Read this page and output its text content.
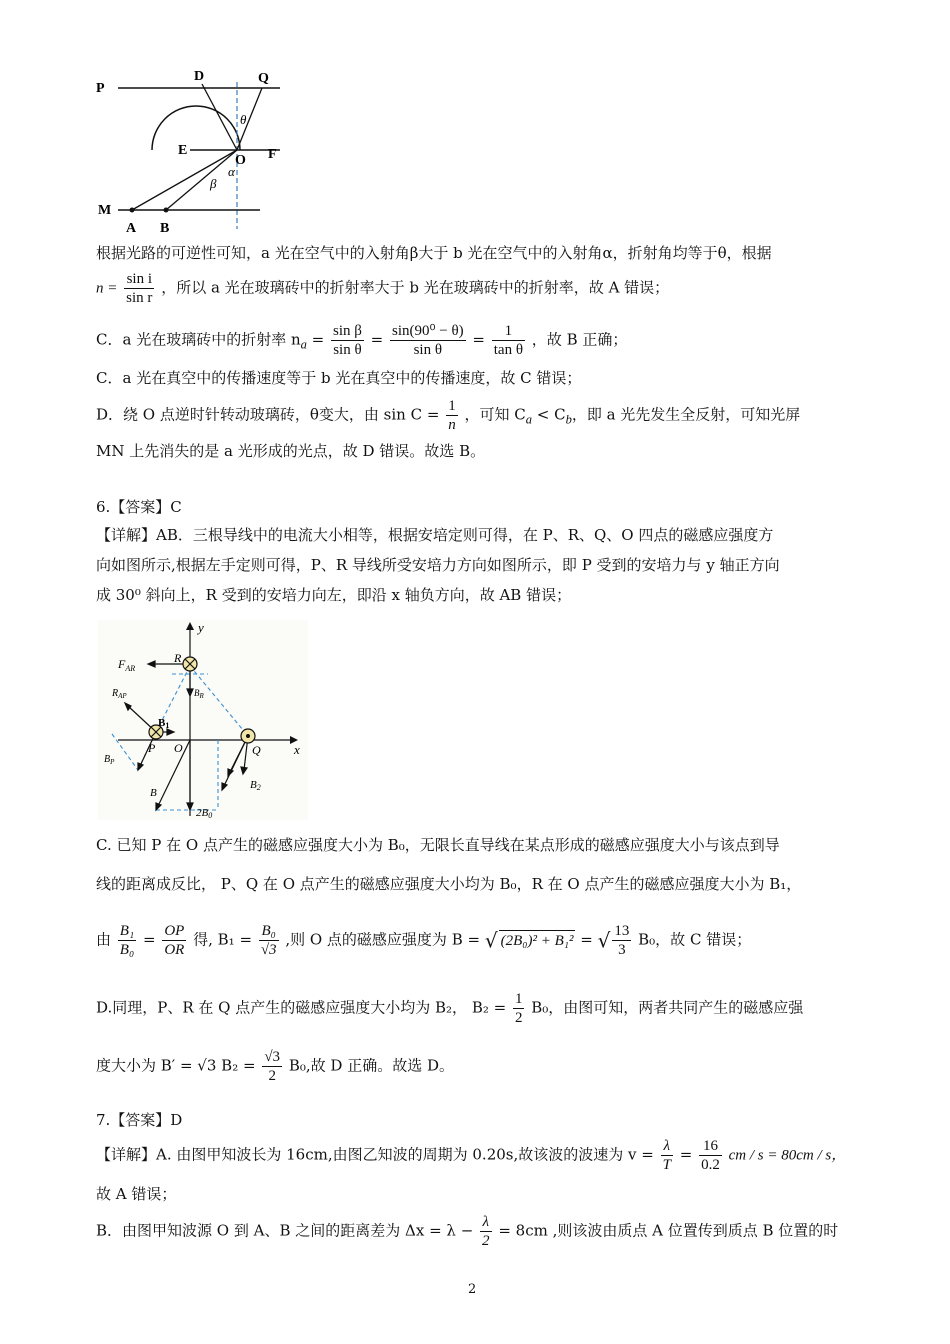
P
D	Q
θ
E
O F
α
β
M
A B
根据光路的可逆性可知，a 光在空气中的入射角β大于 b 光在空气中的入射角α，折射角均等于θ，根据
$n = \frac{\text{sin i}}{\text{sin r}}$ ，所以 a 光在玻璃砖中的折射率大于 b 光在玻璃砖中的折射率，故 A 错误；
C．a 光在玻璃砖中的折射率 $n_a = \frac{\text{sin β}}{\text{sin θ}} = \frac{\text{sin(90⁰ − θ)}}{\text{sin θ}} = \frac{1}{\text{tan θ}}$ ，故 B 正确；
C．a 光在真空中的传播速度等于 b 光在真空中的传播速度，故 C 错误；
D．绕 O 点逆时针转动玻璃砖，θ变大，由 $\sin C = \frac{1}{n}$ ，可知 $C_a < C_b$，即 a 光先发生全反射，可知光屏
MN 上先消失的是 a 光形成的光点，故 D 错误。故选 B。
6.【答案】C
【详解】AB．三根导线中的电流大小相等，根据安培定则可得，在 P、R、Q、O 四点的磁感应强度方
向如图所示,根据左手定则可得，P、R 导线所受安培力方向如图所示，即 P 受到的安培力与 y 轴正方向
成 30⁰ 斜向上，R 受到的安培力向左，即沿 x 轴负方向，故 AB 错误；
y
x
$F_{AR}$
R
$B_R$
$R_{AP}$
B1
P O	Q
$B_P$
B
B2
2B0
C. 已知 P 在 O 点产生的磁感应强度大小为 B₀，无限长直导线在某点形成的磁感应强度大小与该点到导
线的距离成反比， P、Q 在 O 点产生的磁感应强度大小均为 B₀，R 在 O 点产生的磁感应强度大小为 B₁，
由 $\frac{\text{B₁}}{\text{B₀}} = \frac{OP}{OR}$ 得, $B_1 = \frac{\text{B₀}}{√3}$ ,则 O 点的磁感应强度为 B = √ (2B₀)² + B₁² = √ $\frac{13}{3} B_0$，故 C 错误；
D.同理，P、R 在 Q 点产生的磁感应强度大小均为 B₂， $B_2 = \frac{1}{2} B_0$，由图可知，两者共同产生的磁感应强
度大小为 B′ = √3 $B_2 = \frac{√3}{2} B_0$,故 D 正确。故选 D。
7.【答案】D
【详解】A. 由图甲知波长为 16cm,由图乙知波的周期为 0.20s,故该波的波速为 $v = \frac{\lambda}{T} = \frac{16}{0.2}$ cm / s = 80cm / s，
故 A 错误；
B．由图甲知波源 O 到 A、B 之间的距离差为 $\Delta x = \lambda - \frac{\lambda}{2} = 8cm$ ,则该波由质点 A 位置传到质点 B 位置的时
2
